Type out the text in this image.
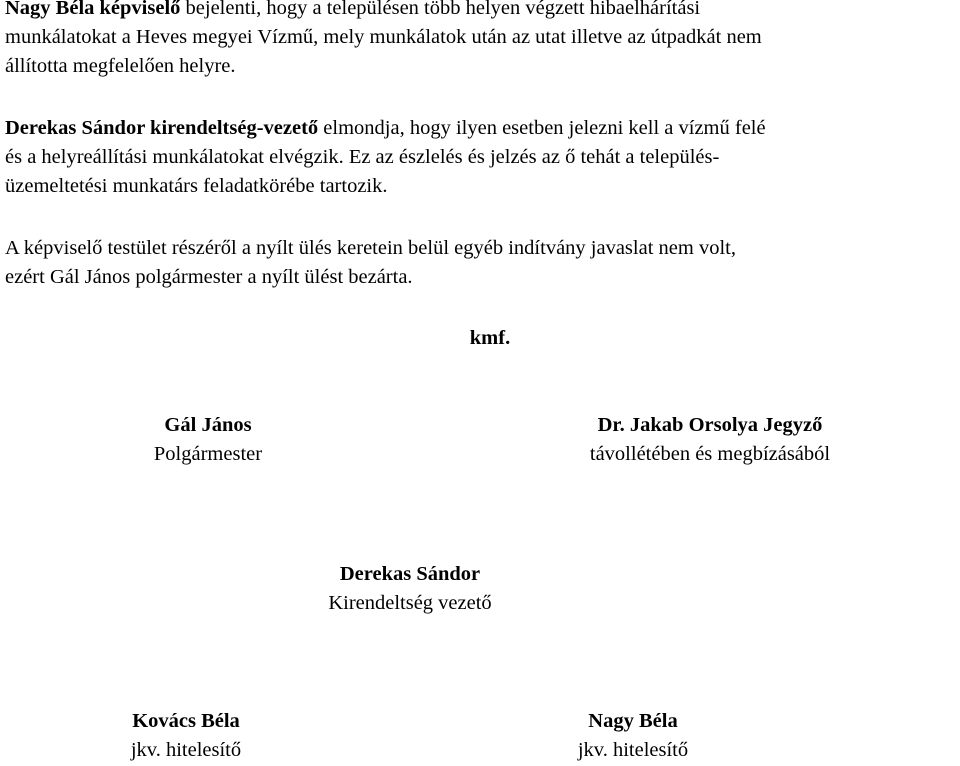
Nagy Béla képviselő bejelenti, hogy a településen több helyen végzett hibaelhárítási
munkálatokat a Heves megyei Vízmű, mely munkálatok után az utat illetve az útpadkát nem
állította megfelelően helyre.

Derekas Sándor kirendeltség-vezető elmondja, hogy ilyen esetben jelezni kell a vízmű felé
és a helyreállítási munkálatokat elvégzik. Ez az észlelés és jelzés az ő tehát a település-
üzemeltetési munkatárs feladatkörébe tartozik.

A képviselő testület részéről a nyílt ülés keretein belül egyéb indítvány javaslat nem volt,
ezért Gál János polgármester a nyílt ülést bezárta.

kmf.
Gál János
Polgármester
Dr. Jakab Orsolya Jegyző
távollétében és megbízásából
Derekas Sándor
Kirendeltség vezető
Kovács Béla
jkv. hitelesítő
Nagy Béla
jkv. hitelesítő
